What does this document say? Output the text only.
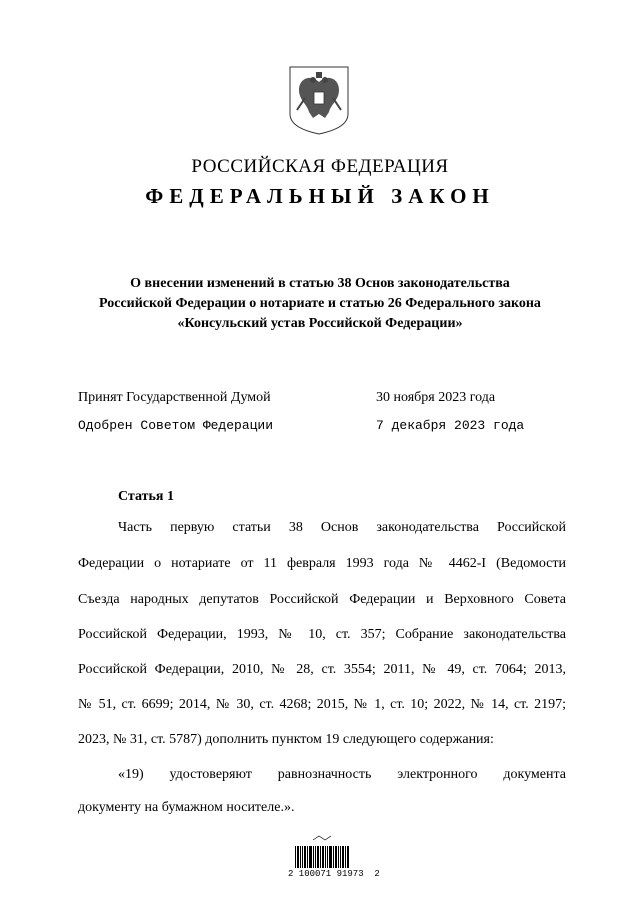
РОССИЙСКАЯ ФЕДЕРАЦИЯ
ФЕДЕРАЛЬНЫЙ ЗАКОН
О внесении изменений в статью 38 Основ законодательства
Российской Федерации о нотариате и статью 26 Федерального закона
«Консульский устав Российской Федерации»
Принят Государственной Думой	30 ноября 2023 года
Одобрен Советом Федерации	7 декабря 2023 года
Статья 1
Часть первую статьи 38 Основ законодательства Российской
Федерации о нотариате от 11 февраля 1993 года № 4462-I (Ведомости
Съезда народных депутатов Российской Федерации и Верховного Совета
Российской Федерации, 1993, № 10, ст. 357; Собрание законодательства
Российской Федерации, 2010, № 28, ст. 3554; 2011, № 49, ст. 7064; 2013,
№ 51, ст. 6699; 2014, № 30, ст. 4268; 2015, № 1, ст. 10; 2022, № 14, ст. 2197;
2023, № 31, ст. 5787) дополнить пунктом 19 следующего содержания:
«19) удостоверяют равнозначность электронного документа
документу на бумажном носителе.».
2 100071 91973  2
